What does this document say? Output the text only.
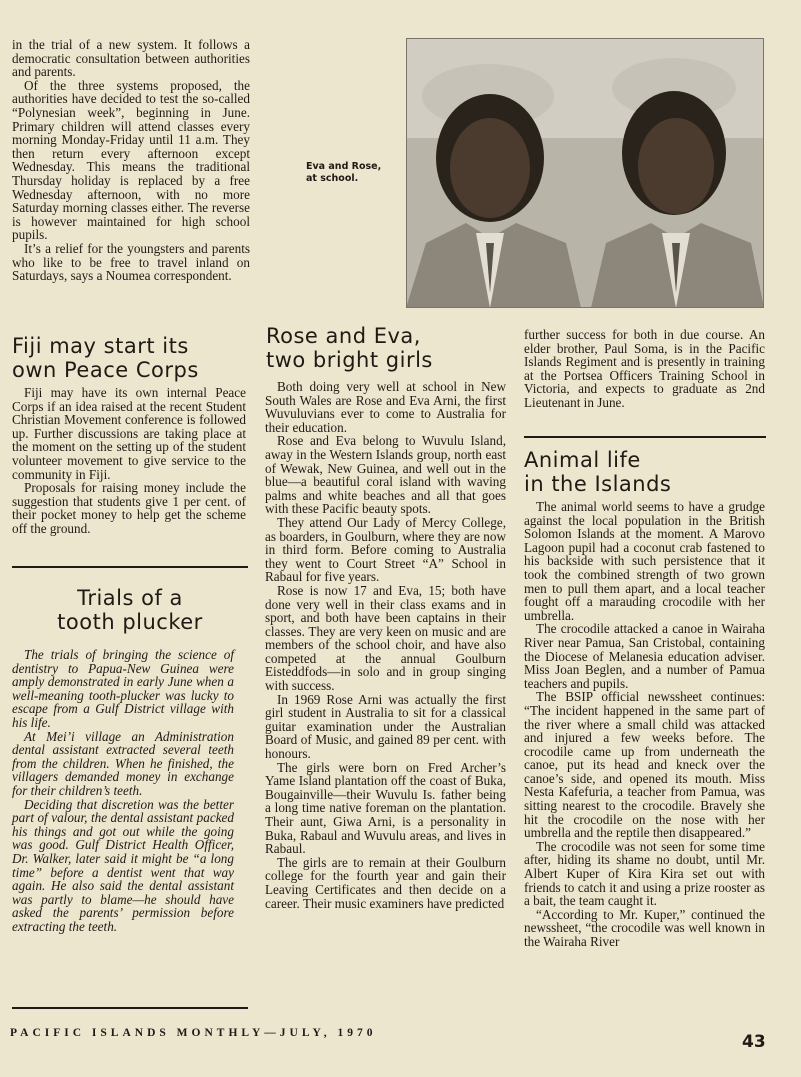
in the trial of a new system. It follows a democratic consultation between authorities and parents.

Of the three systems proposed, the authorities have decided to test the so-called “Polynesian week”, beginning in June. Primary children will attend classes every morning Monday-Friday until 11 a.m. They then return every afternoon except Wednesday. This means the traditional Thursday holiday is replaced by a free Wednesday afternoon, with no more Saturday morning classes either. The reverse is however maintained for high school pupils.

It’s a relief for the youngsters and parents who like to be free to travel inland on Saturdays, says a Noumea correspondent.

Eva and Rose,
at school.
Fiji may start its
own Peace Corps

Fiji may have its own internal Peace Corps if an idea raised at the recent Student Christian Movement conference is followed up. Further discussions are taking place at the moment on the setting up of the student volunteer movement to give service to the community in Fiji.

Proposals for raising money include the suggestion that students give 1 per cent. of their pocket money to help get the scheme off the ground.

Trials of a
tooth plucker

The trials of bringing the science of dentistry to Papua-New Guinea were amply demonstrated in early June when a well-meaning tooth-plucker was lucky to escape from a Gulf District village with his life.

At Mei’i village an Administration dental assistant extracted several teeth from the children. When he finished, the villagers demanded money in exchange for their children’s teeth.

Deciding that discretion was the better part of valour, the dental assistant packed his things and got out while the going was good. Gulf District Health Officer, Dr. Walker, later said it might be “a long time” before a dentist went that way again. He also said the dental assistant was partly to blame—he should have asked the parents’ permission before extracting the teeth.

Rose and Eva,
two bright girls

Both doing very well at school in New South Wales are Rose and Eva Arni, the first Wuvuluvians ever to come to Australia for their education.

Rose and Eva belong to Wuvulu Island, away in the Western Islands group, north east of Wewak, New Guinea, and well out in the blue—a beautiful coral island with waving palms and white beaches and all that goes with these Pacific beauty spots.

They attend Our Lady of Mercy College, as boarders, in Goulburn, where they are now in third form. Before coming to Australia they went to Court Street “A” School in Rabaul for five years.

Rose is now 17 and Eva, 15; both have done very well in their class exams and in sport, and both have been captains in their classes. They are very keen on music and are members of the school choir, and have also competed at the annual Goulburn Eisteddfods—in solo and in group singing with success.

In 1969 Rose Arni was actually the first girl student in Australia to sit for a classical guitar examination under the Australian Board of Music, and gained 89 per cent. with honours.

The girls were born on Fred Archer’s Yame Island plantation off the coast of Buka, Bougainville—their Wuvulu Is. father being a long time native foreman on the plantation. Their aunt, Giwa Arni, is a personality in Buka, Rabaul and Wuvulu areas, and lives in Rabaul.

The girls are to remain at their Goulburn college for the fourth year and gain their Leaving Certificates and then decide on a career. Their music examiners have predicted

further success for both in due course. An elder brother, Paul Soma, is in the Pacific Islands Regiment and is presently in training at the Portsea Officers Training School in Victoria, and expects to graduate as 2nd Lieutenant in June.

Animal life
in the Islands

The animal world seems to have a grudge against the local population in the British Solomon Islands at the moment. A Marovo Lagoon pupil had a coconut crab fastened to his backside with such persistence that it took the combined strength of two grown men to pull them apart, and a local teacher fought off a marauding crocodile with her umbrella.

The crocodile attacked a canoe in Wairaha River near Pamua, San Cristobal, containing the Diocese of Melanesia education adviser. Miss Joan Beglen, and a number of Pamua teachers and pupils.

The BSIP official newssheet continues: “The incident happened in the same part of the river where a small child was attacked and injured a few weeks before. The crocodile came up from underneath the canoe, put its head and kneck over the canoe’s side, and opened its mouth. Miss Nesta Kafefuria, a teacher from Pamua, was sitting nearest to the crocodile. Bravely she hit the crocodile on the nose with her umbrella and the reptile then disappeared.”

The crocodile was not seen for some time after, hiding its shame no doubt, until Mr. Albert Kuper of Kira Kira set out with friends to catch it and using a prize rooster as a bait, the team caught it.

“According to Mr. Kuper,” continued the newssheet, “the crocodile was well known in the Wairaha River

PACIFIC ISLANDS MONTHLY—JULY, 1970	43
